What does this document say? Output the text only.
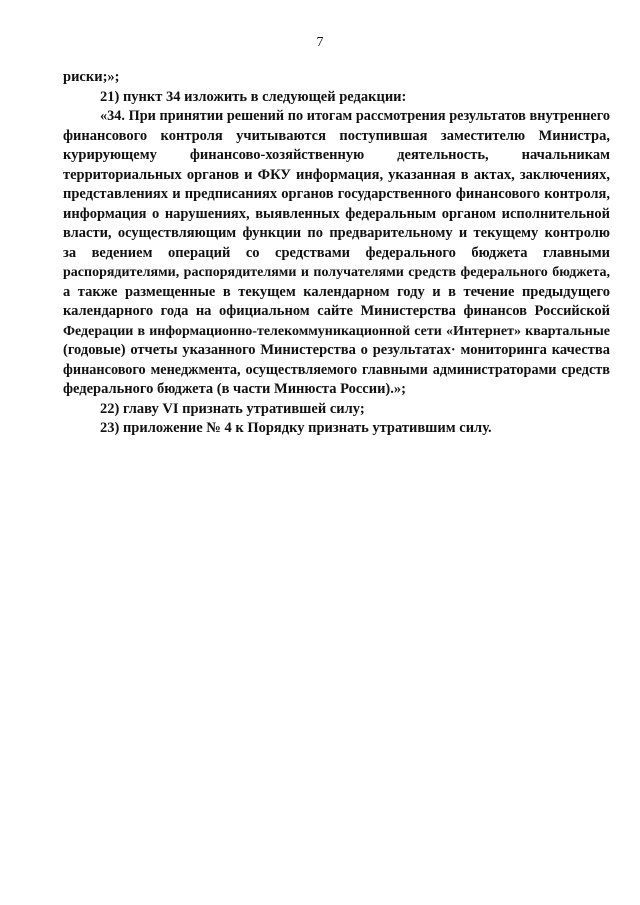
7
риски;»;
21) пункт 34 изложить в следующей редакции:
«34. При принятии решений по итогам рассмотрения результатов внутреннего
финансового контроля учитываются поступившая заместителю Министра,
курирующему финансово-хозяйственную деятельность, начальникам
территориальных органов и ФКУ информация, указанная в актах, заключениях,
представлениях и предписаниях органов государственного финансового контроля,
информация о нарушениях, выявленных федеральным органом исполнительной
власти, осуществляющим функции по предварительному и текущему контролю
за ведением операций со средствами федерального бюджета главными
распорядителями, распорядителями и получателями средств федерального бюджета,
а также размещенные в текущем календарном году и в течение предыдущего
календарного года на официальном сайте Министерства финансов Российской
Федерации в информационно-телекоммуникационной сети «Интернет» квартальные
(годовые) отчеты указанного Министерства о результатах· мониторинга качества
финансового менеджмента, осуществляемого главными администраторами средств
федерального бюджета (в части Минюста России).»;
22) главу VI признать утратившей силу;
23) приложение № 4 к Порядку признать утратившим силу.
